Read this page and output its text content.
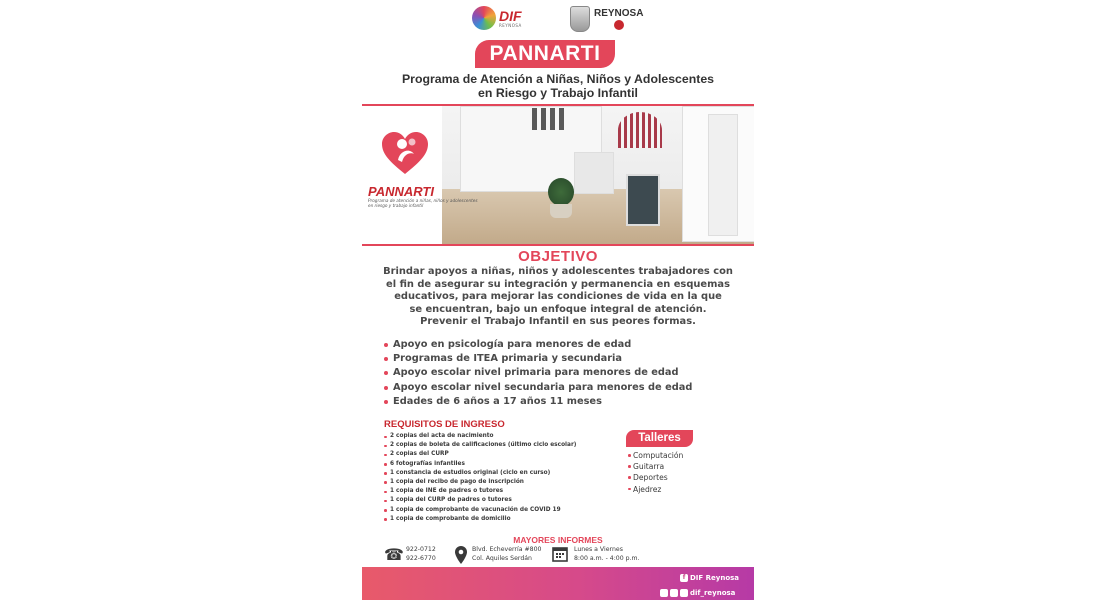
DIF
REYNOSA
REYNOSA
PANNARTI
Programa de Atención a Niñas, Niños y Adolescentes
en Riesgo y Trabajo Infantil
PANNARTI
Programa de atención a niñas, niños y adolescentes en riesgo y trabajo infantil
OBJETIVO
Brindar apoyos a niñas, niños y adolescentes trabajadores con
el fin de asegurar su integración y permanencia en esquemas
educativos, para mejorar las condiciones de vida en la que
se encuentran, bajo un enfoque integral de atención.
Prevenir el Trabajo Infantil en sus peores formas.
Apoyo en psicología para menores de edad
Programas de ITEA primaria y secundaria
Apoyo escolar nivel primaria para menores de edad
Apoyo escolar nivel secundaria para menores de edad
Edades de 6 años a 17 años 11 meses
REQUISITOS DE INGRESO
2 copias del acta de nacimiento
2 copias de boleta de calificaciones (último ciclo escolar)
2 copias del CURP
6 fotografías infantiles
1 constancia de estudios original (ciclo en curso)
1 copia del recibo de pago de inscripción
1 copia de INE de padres o tutores
1 copia del CURP de padres o tutores
1 copia de comprobante de vacunación de COVID 19
1 copia de comprobante de domicilio
Talleres
Computación
Guitarra
Deportes
Ajedrez
MAYORES INFORMES
☎ 922-0712
922-6770
Blvd. Echeverría #800
Col. Aquiles Serdán
Lunes a Viernes
8:00 a.m. - 4:00 p.m.
f DIF Reynosa
dif_reynosa
